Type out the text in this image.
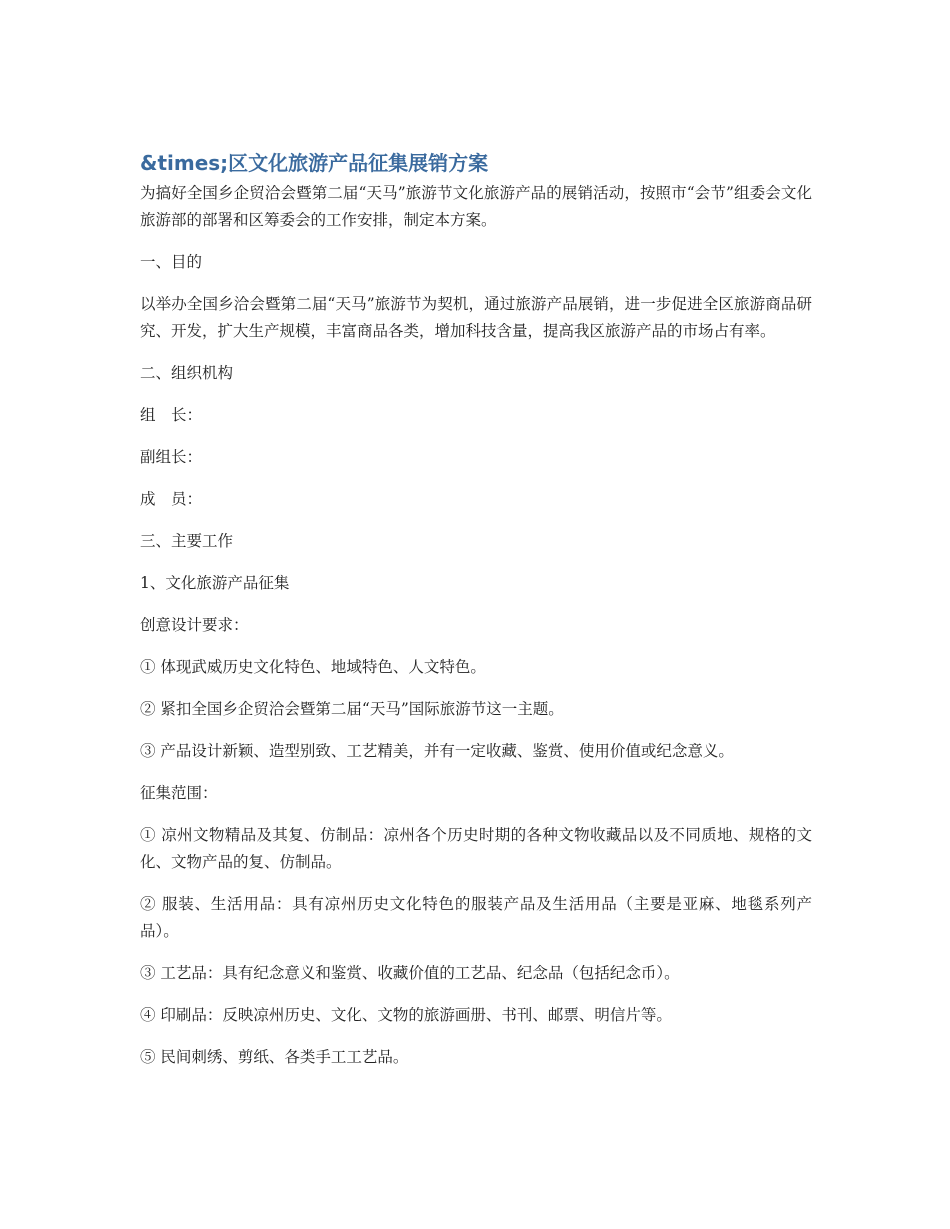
&times;区文化旅游产品征集展销方案

为搞好全国乡企贸洽会暨第二届“天马”旅游节文化旅游产品的展销活动，按照市“会节”组委会文化旅游部的部署和区筹委会的工作安排，制定本方案。

一、目的

以举办全国乡洽会暨第二届“天马”旅游节为契机，通过旅游产品展销，进一步促进全区旅游商品研究、开发，扩大生产规模，丰富商品各类，增加科技含量，提高我区旅游产品的市场占有率。

二、组织机构

组　长：

副组长：

成　员：

三、主要工作

1、文化旅游产品征集

创意设计要求：

① 体现武威历史文化特色、地域特色、人文特色。

② 紧扣全国乡企贸洽会暨第二届“天马”国际旅游节这一主题。

③ 产品设计新颖、造型别致、工艺精美，并有一定收藏、鉴赏、使用价值或纪念意义。

征集范围：

① 凉州文物精品及其复、仿制品：凉州各个历史时期的各种文物收藏品以及不同质地、规格的文化、文物产品的复、仿制品。

② 服装、生活用品：具有凉州历史文化特色的服装产品及生活用品（主要是亚麻、地毯系列产品）。

③ 工艺品：具有纪念意义和鉴赏、收藏价值的工艺品、纪念品（包括纪念币）。

④ 印刷品：反映凉州历史、文化、文物的旅游画册、书刊、邮票、明信片等。

⑤ 民间刺绣、剪纸、各类手工工艺品。
